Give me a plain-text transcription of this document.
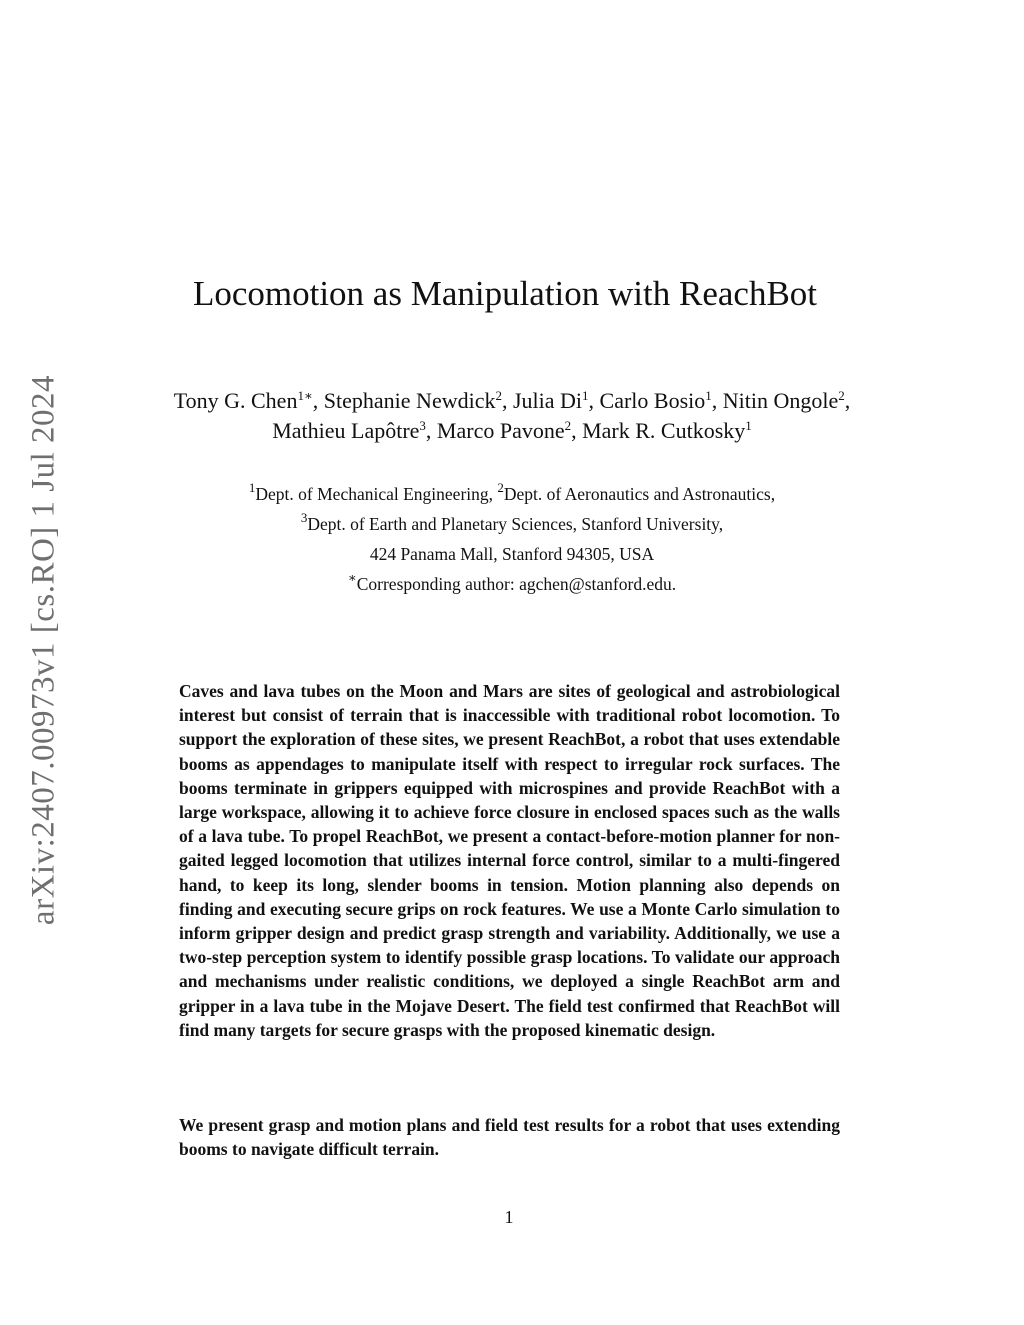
arXiv:2407.00973v1 [cs.RO] 1 Jul 2024
Locomotion as Manipulation with ReachBot
Tony G. Chen$^{1∗}$, Stephanie Newdick$^2$, Julia Di$^1$, Carlo Bosio$^1$, Nitin Ongole$^2$,
Mathieu Lapôtre$^3$, Marco Pavone$^2$, Mark R. Cutkosky$^1$
$^1$Dept. of Mechanical Engineering, $^2$Dept. of Aeronautics and Astronautics,
$^3$Dept. of Earth and Planetary Sciences, Stanford University,
424 Panama Mall, Stanford 94305, USA
∗Corresponding author: agchen@stanford.edu.

Caves and lava tubes on the Moon and Mars are sites of geological and astrobiological interest but consist of terrain that is inaccessible with traditional robot locomotion. To support the exploration of these sites, we present ReachBot, a robot that uses extendable booms as appendages to manipulate itself with respect to irregular rock surfaces. The booms terminate in grippers equipped with microspines and provide ReachBot with a large workspace, allowing it to achieve force closure in enclosed spaces such as the walls of a lava tube. To propel ReachBot, we present a contact-before-motion planner for non-gaited legged locomotion that utilizes internal force control, similar to a multi-fingered hand, to keep its long, slender booms in tension. Motion planning also depends on finding and executing secure grips on rock features. We use a Monte Carlo simulation to inform gripper design and predict grasp strength and variability. Additionally, we use a two-step perception system to identify possible grasp locations. To validate our approach and mechanisms under realistic conditions, we deployed a single ReachBot arm and gripper in a lava tube in the Mojave Desert. The field test confirmed that ReachBot will find many targets for secure grasps with the proposed kinematic design.

We present grasp and motion plans and field test results for a robot that uses extending booms to navigate difficult terrain.
1
